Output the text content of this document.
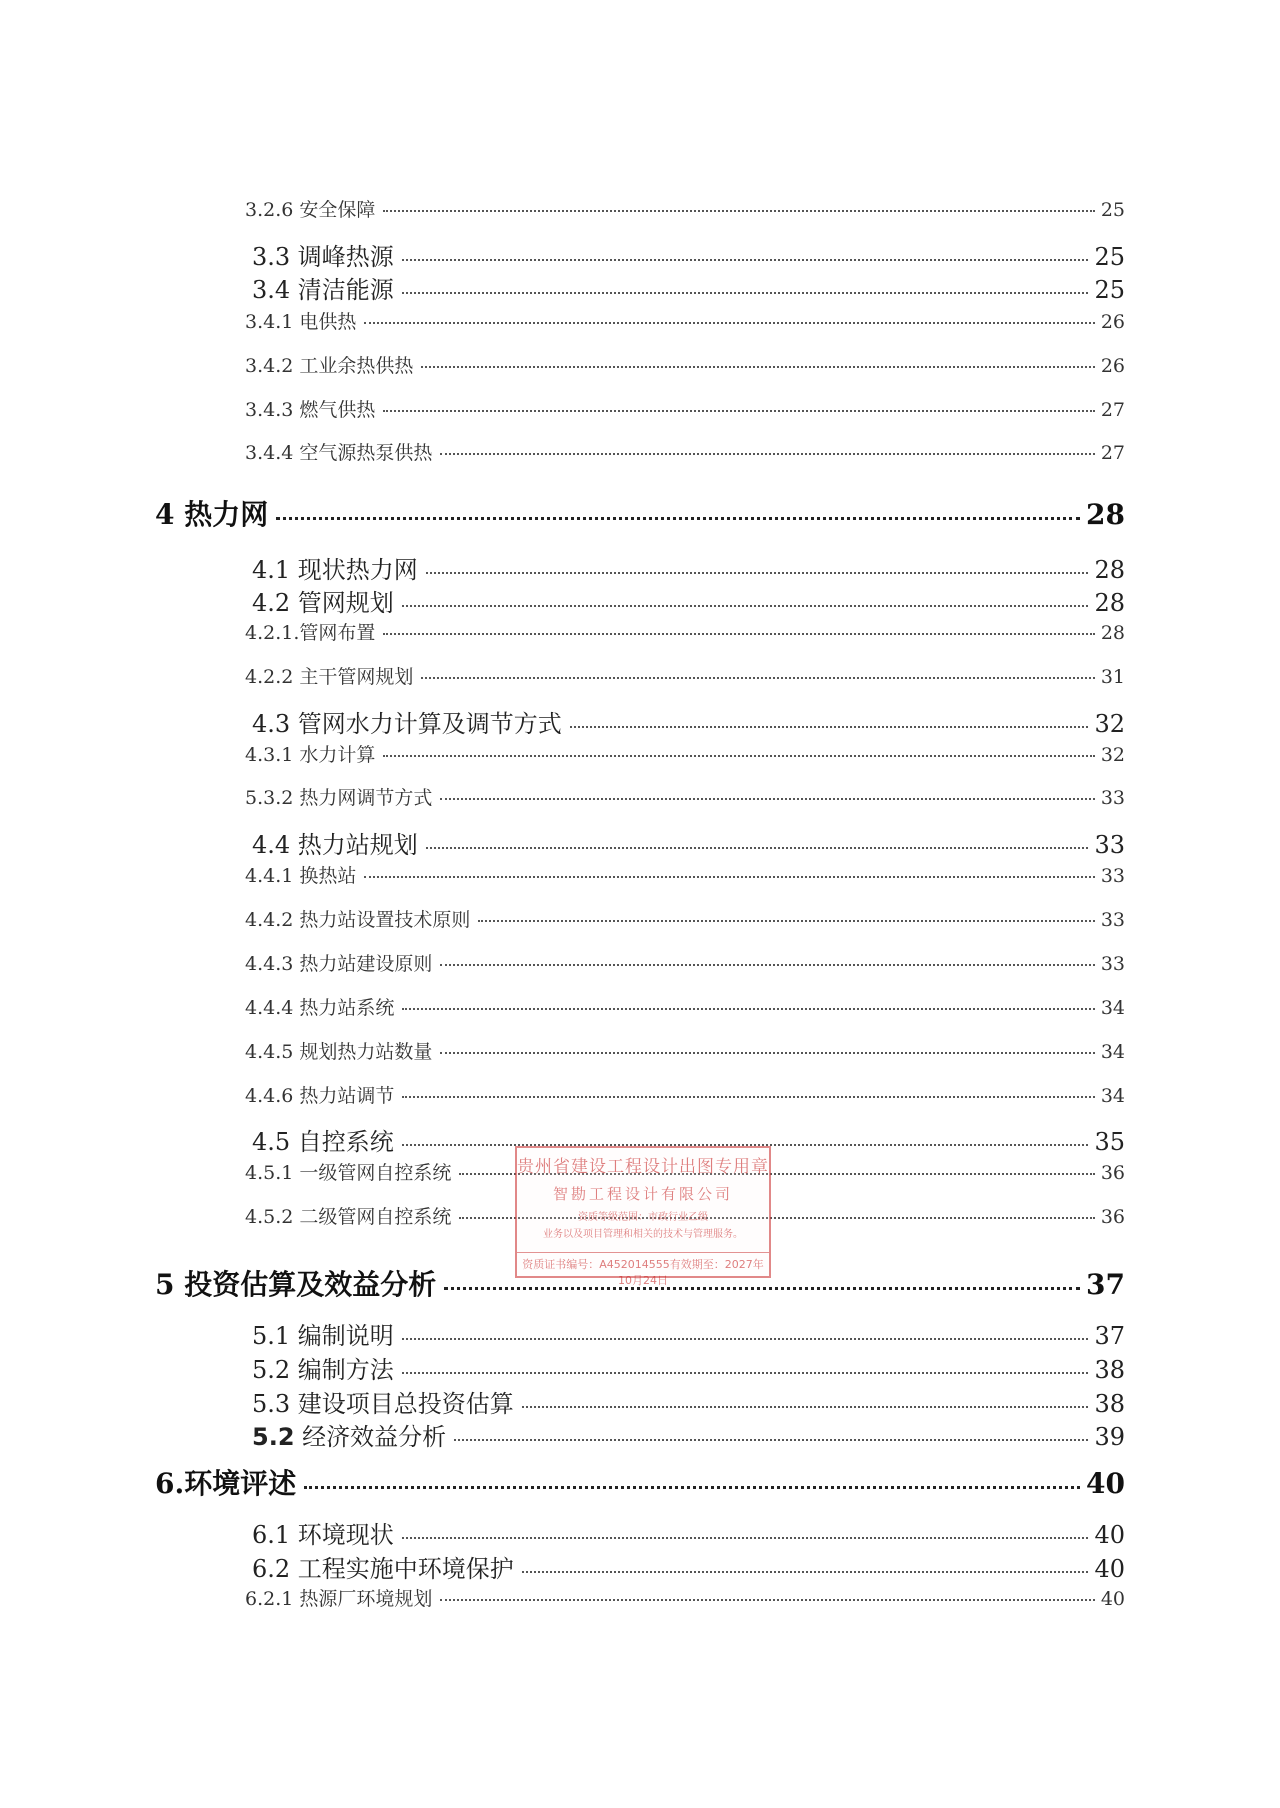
3.2.6 安全保障	25
3.3 调峰热源	25
3.4 清洁能源	25
3.4.1 电供热	26
3.4.2 工业余热供热	26
3.4.3 燃气供热	27
3.4.4 空气源热泵供热	27
4 热力网	28
4.1 现状热力网	28
4.2 管网规划	28
4.2.1.管网布置	28
4.2.2 主干管网规划	31
4.3 管网水力计算及调节方式	32
4.3.1 水力计算	32
5.3.2 热力网调节方式	33
4.4 热力站规划	33
4.4.1 换热站	33
4.4.2 热力站设置技术原则	33
4.4.3 热力站建设原则	33
4.4.4 热力站系统	34
4.4.5 规划热力站数量	34
4.4.6 热力站调节	34
4.5 自控系统	35
4.5.1 一级管网自控系统	36
4.5.2 二级管网自控系统	36
5 投资估算及效益分析	37
5.1 编制说明	37
5.2 编制方法	38
5.3 建设项目总投资估算	38
5.2 经济效益分析	39
6.环境评述	40
6.1 环境现状	40
6.2 工程实施中环境保护	40
6.2.1 热源厂环境规划	40
贵州省建设工程设计出图专用章
智勘工程设计有限公司
资质等级范围：市政行业乙级
业务以及项目管理和相关的技术与管理服务。
资质证书编号：A452014555有效期至：2027年10月24日
